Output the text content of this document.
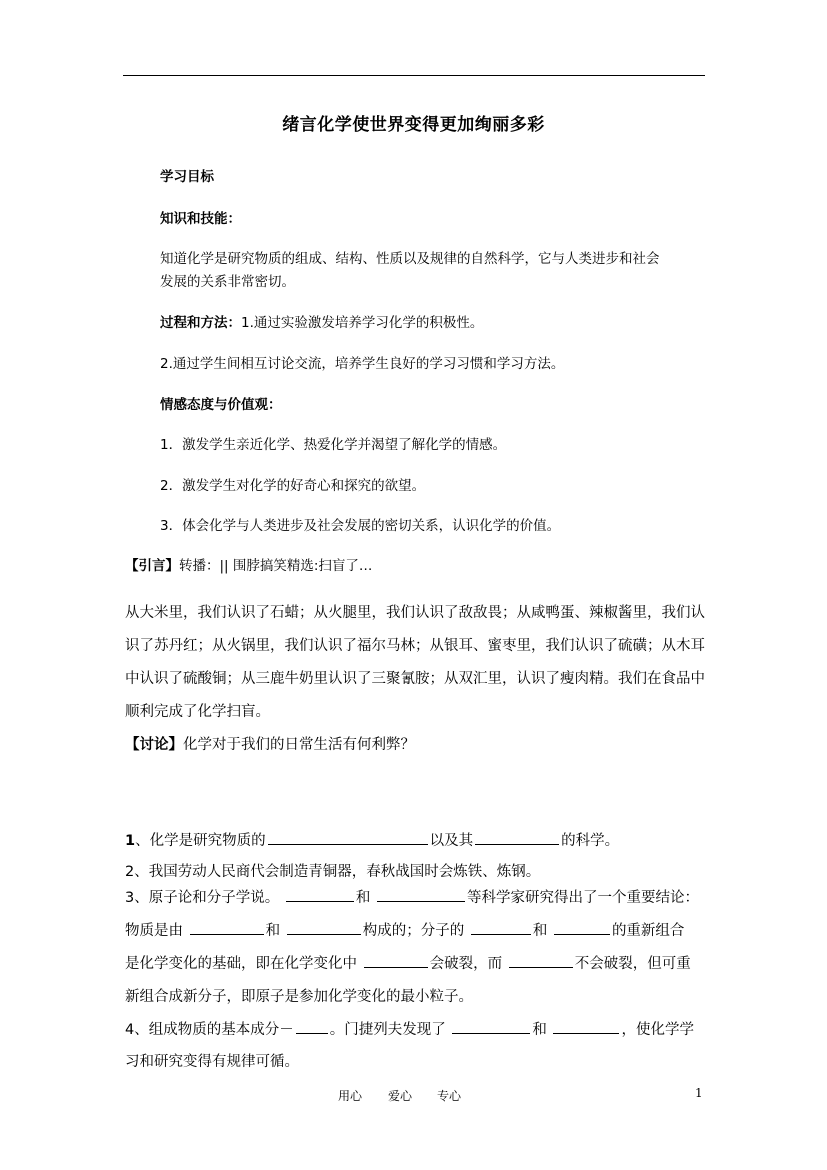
绪言化学使世界变得更加绚丽多彩
学习目标
知识和技能：
知道化学是研究物质的组成、结构、性质以及规律的自然科学，它与人类进步和社会
发展的关系非常密切。
过程和方法：1.通过实验激发培养学习化学的积极性。
2.通过学生间相互讨论交流，培养学生良好的学习习惯和学习方法。
情感态度与价值观：
1．激发学生亲近化学、热爱化学并渴望了解化学的情感。
2．激发学生对化学的好奇心和探究的欲望。
3．体会化学与人类进步及社会发展的密切关系，认识化学的价值。
【引言】转播：|| 围脖搞笑精选:扫盲了…
从大米里，我们认识了石蜡；从火腿里，我们认识了敌敌畏；从咸鸭蛋、辣椒酱里，我们认
识了苏丹红；从火锅里，我们认识了福尔马林；从银耳、蜜枣里，我们认识了硫磺；从木耳
中认识了硫酸铜；从三鹿牛奶里认识了三聚氰胺；从双汇里，认识了瘦肉精。我们在食品中
顺利完成了化学扫盲。
【讨论】化学对于我们的日常生活有何利弊？
1、化学是研究物质的	以及其	的科学。
2、我国劳动人民商代会制造青铜器，春秋战国时会炼铁、炼钢。
3、原子论和分子学说。	和	等科学家研究得出了一个重要结论：
物质是由	和	构成的；分子的	和	的重新组合
是化学变化的基础，即在化学变化中	会破裂，而	不会破裂，但可重
新组合成新分子，即原子是参加化学变化的最小粒子。
4、组成物质的基本成分－ 。门捷列夫发现了	和	，使化学学
习和研究变得有规律可循。
用心 爱心 专心	1
